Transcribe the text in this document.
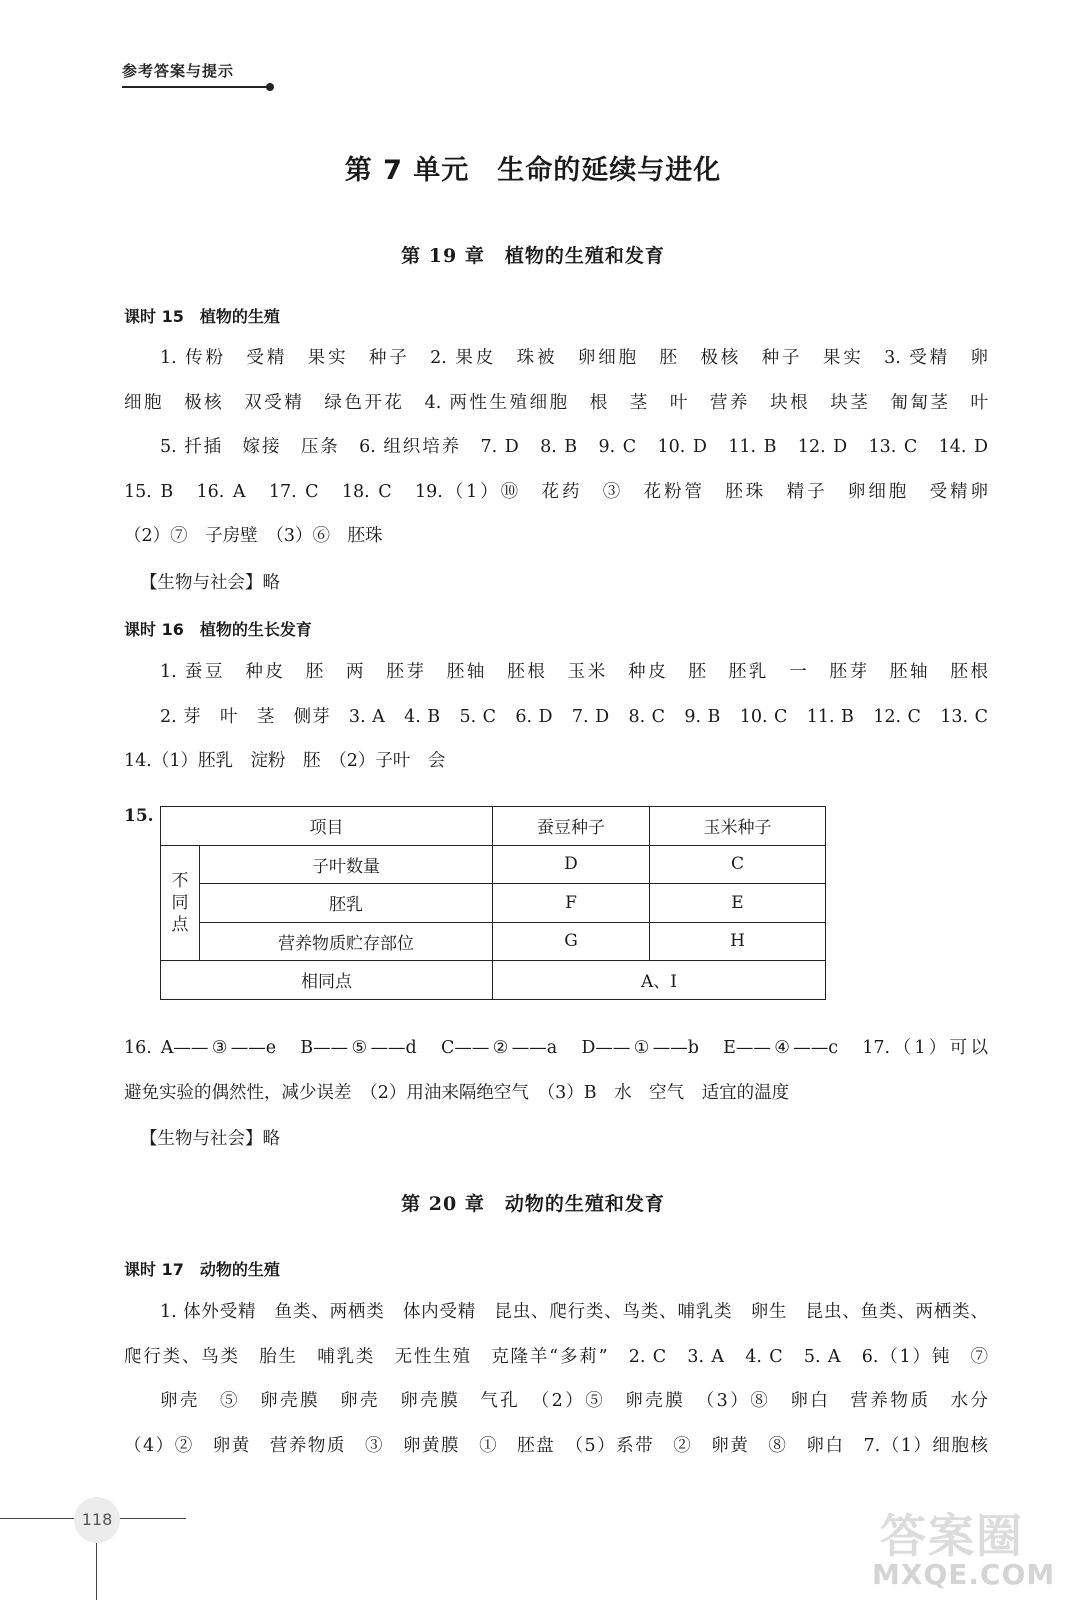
参考答案与提示
第 7 单元　生命的延续与进化
第 19 章　植物的生殖和发育
课时 15 植物的生殖
1. 传粉　受精　果实　种子　2. 果皮　珠被　卵细胞　胚　极核　种子　果实　3. 受精　卵
细胞　极核　双受精　绿色开花　4. 两性生殖细胞　根　茎　叶　营养　块根　块茎　匍匐茎　叶
5. 扦插　嫁接　压条　6. 组织培养　7. D　8. B　9. C　10. D　11. B　12. D　13. C　14. D
15. B　16. A　17. C　18. C　19.（1）⑩　花药　③　花粉管　胚珠　精子　卵细胞　受精卵
（2）⑦　子房壁　（3）⑥　胚珠
【生物与社会】略
课时 16 植物的生长发育
1. 蚕豆　种皮　胚　两　胚芽　胚轴　胚根　玉米　种皮　胚　胚乳　一　胚芽　胚轴　胚根
2. 芽　叶　茎　侧芽　3. A　4. B　5. C　6. D　7. D　8. C　9. B　10. C　11. B　12. C　13. C
14.（1）胚乳　淀粉　胚　（2）子叶　会
15.
项目		蚕豆种子	玉米种子
不同点	子叶数量	D	C
	胚乳	F	E
	营养物质贮存部位	G	H
相同点		A、I	
16. A——③——e　B——⑤——d　C——②——a　D——①——b　E——④——c　17.（1）可以
避免实验的偶然性，减少误差　（2）用油来隔绝空气　（3）B　水　空气　适宜的温度
【生物与社会】略
第 20 章　动物的生殖和发育
课时 17 动物的生殖
1. 体外受精　鱼类、两栖类　体内受精　昆虫、爬行类、鸟类、哺乳类　卵生　昆虫、鱼类、两栖类、
爬行类、鸟类　胎生　哺乳类　无性生殖　克隆羊“多莉”　2. C　3. A　4. C　5. A　6.（1）钝　⑦
卵壳　⑤　卵壳膜　卵壳　卵壳膜　气孔　（2）⑤　卵壳膜　（3）⑧　卵白　营养物质　水分
（4）②　卵黄　营养物质　③　卵黄膜　①　胚盘　（5）系带　②　卵黄　⑧　卵白　7.（1）细胞核
118	答案圈
MXQE.COM
